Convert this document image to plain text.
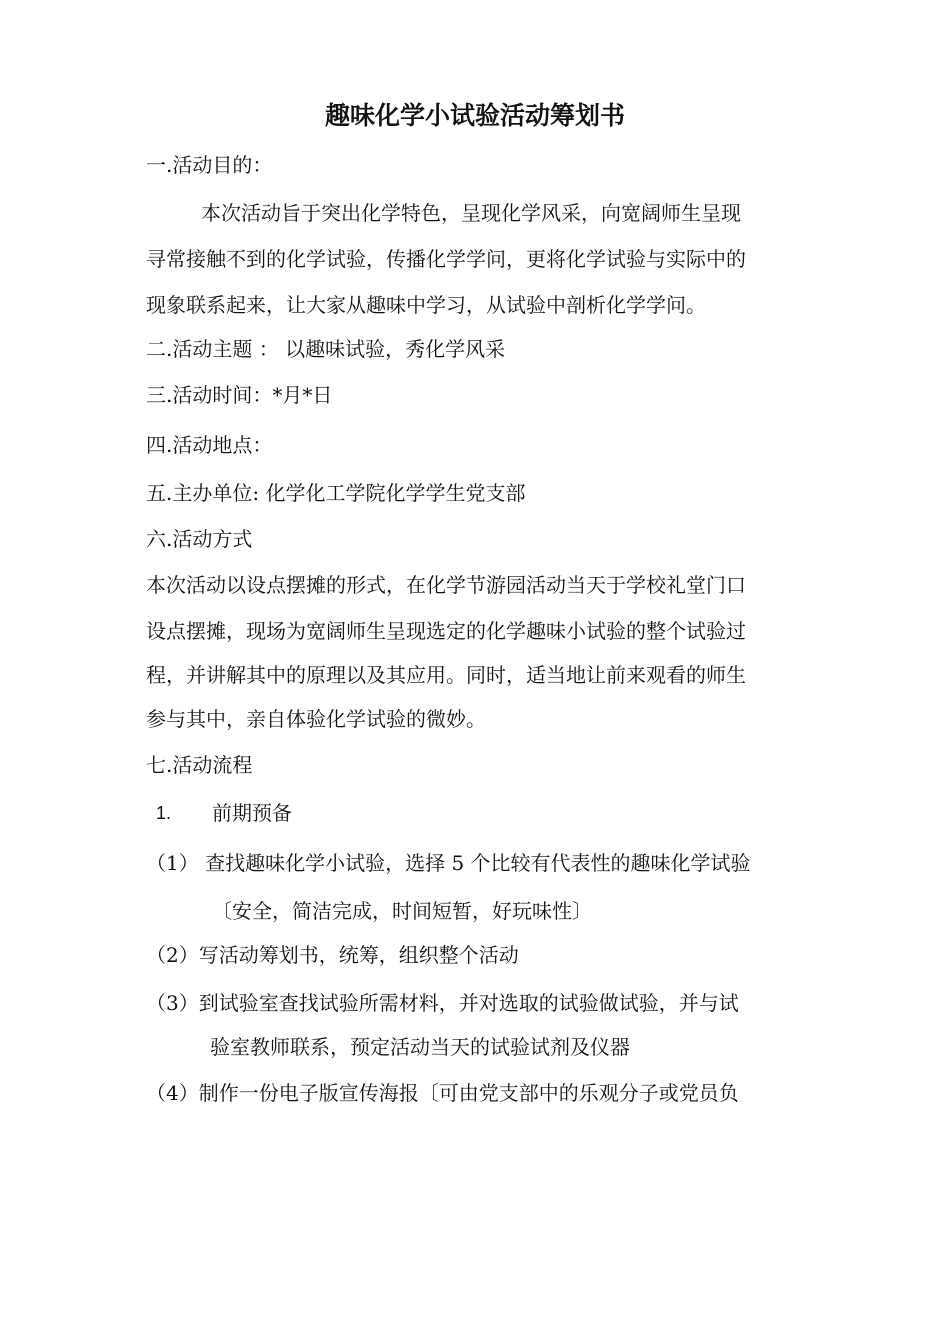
趣味化学小试验活动筹划书
一.活动目的：
本次活动旨于突出化学特色，呈现化学风采，向宽阔师生呈现
寻常接触不到的化学试验，传播化学学问，更将化学试验与实际中的
现象联系起来，让大家从趣味中学习，从试验中剖析化学学问。
二.活动主题 ： 以趣味试验，秀化学风采
三.活动时间：*月*日
四.活动地点：
五.主办单位: 化学化工学院化学学生党支部
六.活动方式
本次活动以设点摆摊的形式，在化学节游园活动当天于学校礼堂门口
设点摆摊，现场为宽阔师生呈现选定的化学趣味小试验的整个试验过
程，并讲解其中的原理以及其应用。同时，适当地让前来观看的师生
参与其中，亲自体验化学试验的微妙。
七.活动流程
1. 前期预备
（1） 查找趣味化学小试验，选择 5 个比较有代表性的趣味化学试验
〔安全，简洁完成，时间短暂，好玩味性〕
（2）写活动筹划书，统筹，组织整个活动
（3）到试验室查找试验所需材料，并对选取的试验做试验，并与试
验室教师联系，预定活动当天的试验试剂及仪器
（4）制作一份电子版宣传海报〔可由党支部中的乐观分子或党员负
